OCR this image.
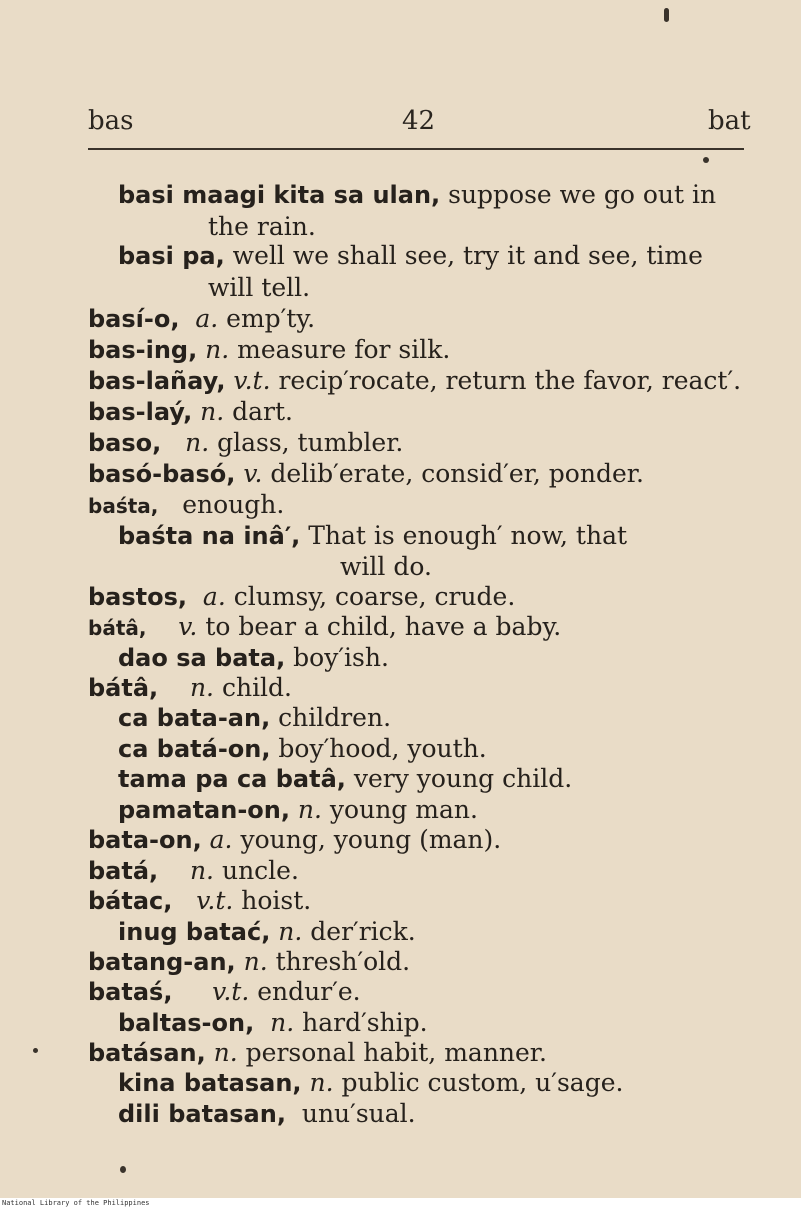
bas	42	bat
basi maagi kita sa ulan, suppose we go out in
the rain.
basi pa, well we shall see, try it and see, time
will tell.
basí-o,  a. emp′ty.
bas-ing, n. measure for silk.
bas-lañay, v.t. recip′rocate, return the favor, react′.
bas-laý, n. dart.
baso,   n. glass, tumbler.
basó-basó, v. delib′erate, consid′er, ponder.
baśta,   enough.
baśta na inâ′, That is enough′ now, that
will do.
bastos,  a. clumsy, coarse, crude.
bátâ,    v. to bear a child, have a baby.
dao sa bata, boy′ish.
bátâ,    n. child.
ca bata-an, children.
ca batá-on, boy′hood, youth.
tama pa ca batâ, very young child.
pamatan-on, n. young man.
bata-on, a. young, young (man).
batá,    n. uncle.
bátac,   v.t. hoist.
inug batać, n. der′rick.
batang-an, n. thresh′old.
bataś,     v.t. endur′e.
baltas-on,  n. hard′ship.
batásan, n. personal habit, manner.
kina batasan, n. public custom, u′sage.
dili batasan,  unu′sual.
National Library of the Philippines
